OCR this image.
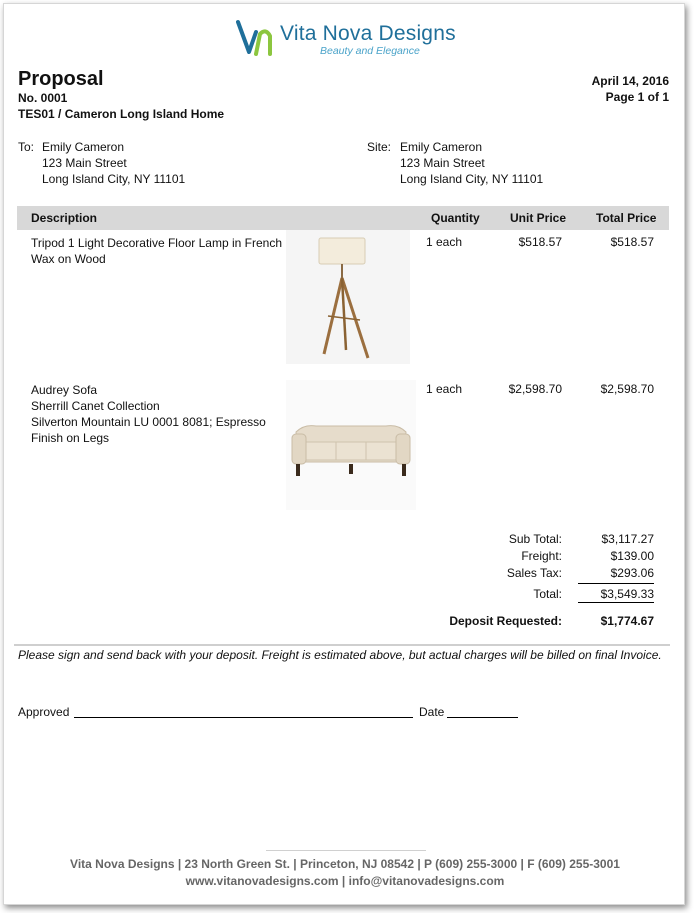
Vita Nova Designs
Beauty and Elegance
Proposal
No. 0001
TES01 / Cameron Long Island Home
April 14, 2016
Page 1 of 1
To: Emily Cameron
123 Main Street
Long Island City, NY 11101
Site: Emily Cameron
123 Main Street
Long Island City, NY 11101
Description	Quantity	Unit Price Total Price
Tripod 1 Light Decorative Floor Lamp in French
Wax on Wood
1 each	$518.57	$518.57
Audrey Sofa
Sherrill Canet Collection
Silverton Mountain LU 0001 8081; Espresso
Finish on Legs
1 each	$2,598.70	$2,598.70
Sub Total:	$3,117.27
Freight:	$139.00
Sales Tax:	$293.06
Total:	$3,549.33
Deposit Requested:	$1,774.67
Please sign and send back with your deposit. Freight is estimated above, but actual charges will be billed on final Invoice.
Approved	Date
Vita Nova Designs | 23 North Green St. | Princeton, NJ 08542 | P (609) 255-3000 | F (609) 255-3001
www.vitanovadesigns.com | info@vitanovadesigns.com
